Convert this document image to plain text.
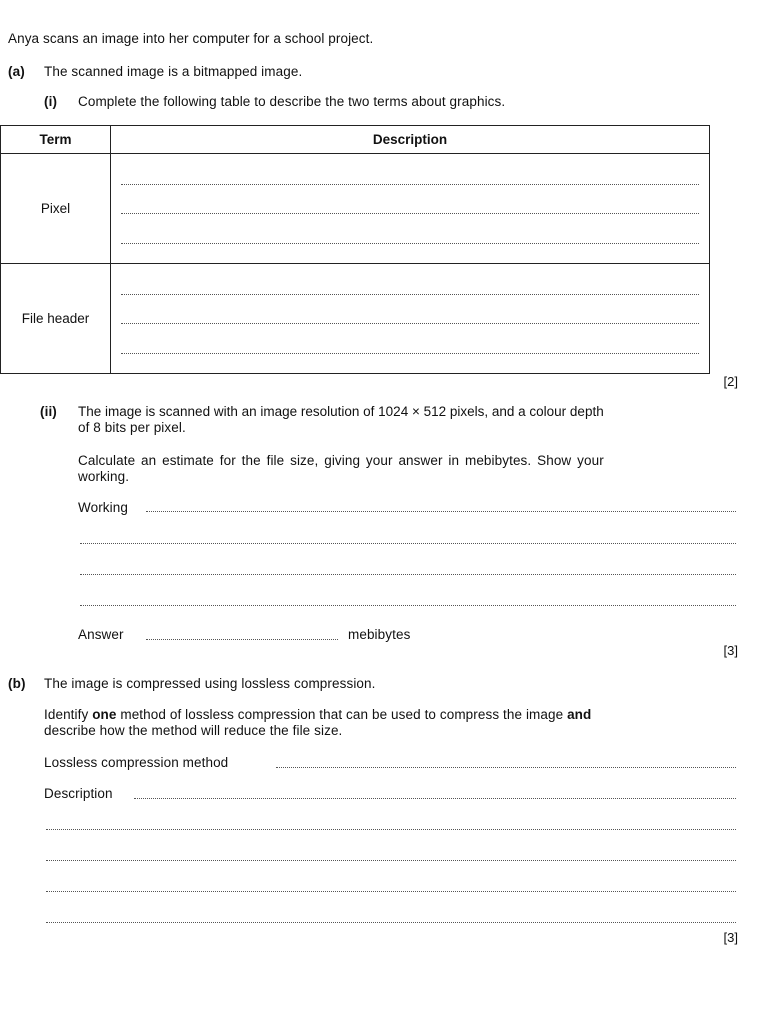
Anya scans an image into her computer for a school project.
(a) The scanned image is a bitmapped image.
(i) Complete the following table to describe the two terms about graphics.
Term	Description
Pixel	

File header	
[2]
(ii) The image is scanned with an image resolution of 1024 × 512 pixels, and a colour depth
of 8 bits per pixel.
Calculate an estimate for the file size, giving your answer in mebibytes. Show your
working.
Working
Answer	mebibytes
[3]
(b) The image is compressed using lossless compression.
Identify one method of lossless compression that can be used to compress the image and
describe how the method will reduce the file size.
Lossless compression method
Description
[3]
